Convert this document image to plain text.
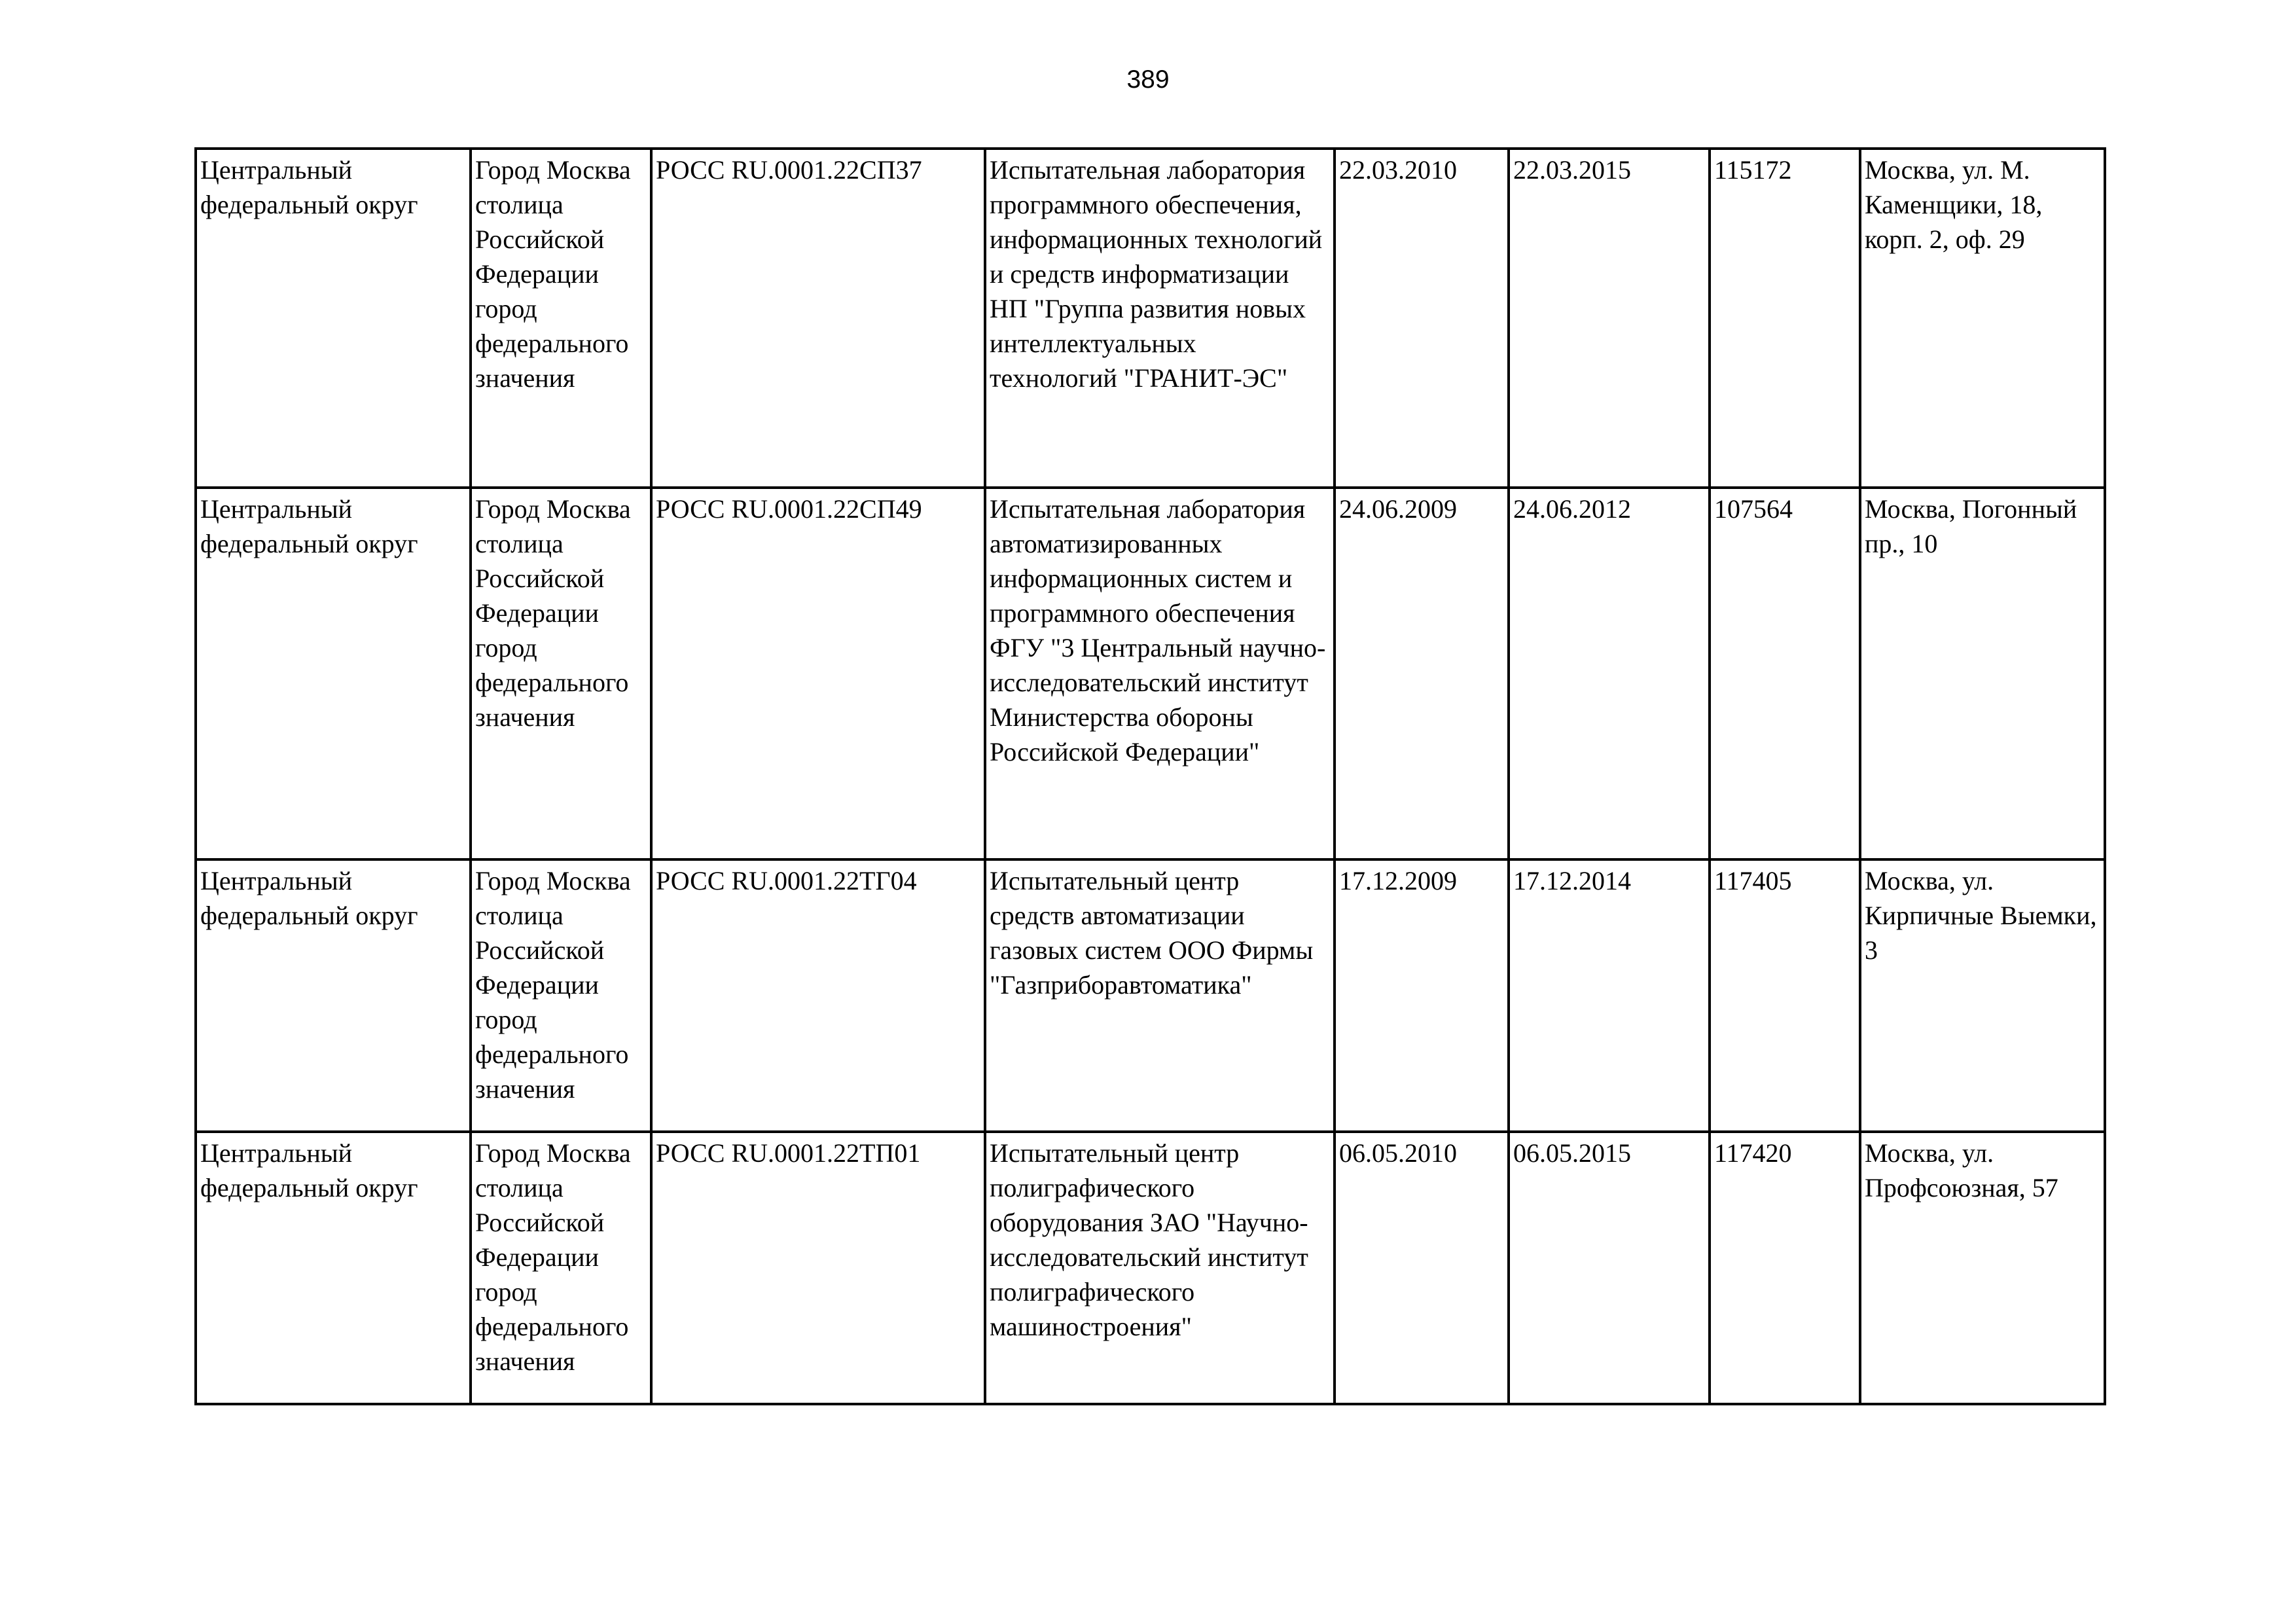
389
Центральный федеральный округ	Город Москва столица Российской Федерации город федерального значения	РОСС RU.0001.22СП37	Испытательная лаборатория программного обеспечения, информационных технологий и средств информатизации НП "Группа развития новых интеллектуальных технологий "ГРАНИТ-ЭС"	22.03.2010	22.03.2015	115172	Москва, ул. М. Каменщики, 18, корп. 2, оф. 29
Центральный федеральный округ	Город Москва столица Российской Федерации город федерального значения	РОСС RU.0001.22СП49	Испытательная лаборатория автоматизированных информационных систем и программного обеспечения ФГУ "3 Центральный научно-исследовательский институт Министерства обороны Российской Федерации"	24.06.2009	24.06.2012	107564	Москва, Погонный пр., 10
Центральный федеральный округ	Город Москва столица Российской Федерации город федерального значения	РОСС RU.0001.22ТГ04	Испытательный центр средств автоматизации газовых систем ООО Фирмы "Газприборавтоматика"	17.12.2009	17.12.2014	117405	Москва, ул. Кирпичные Выемки, 3
Центральный федеральный округ	Город Москва столица Российской Федерации город федерального значения	РОСС RU.0001.22ТП01	Испытательный центр полиграфического оборудования ЗАО "Научно-исследовательский институт полиграфического машиностроения"	06.05.2010	06.05.2015	117420	Москва, ул. Профсоюзная, 57
